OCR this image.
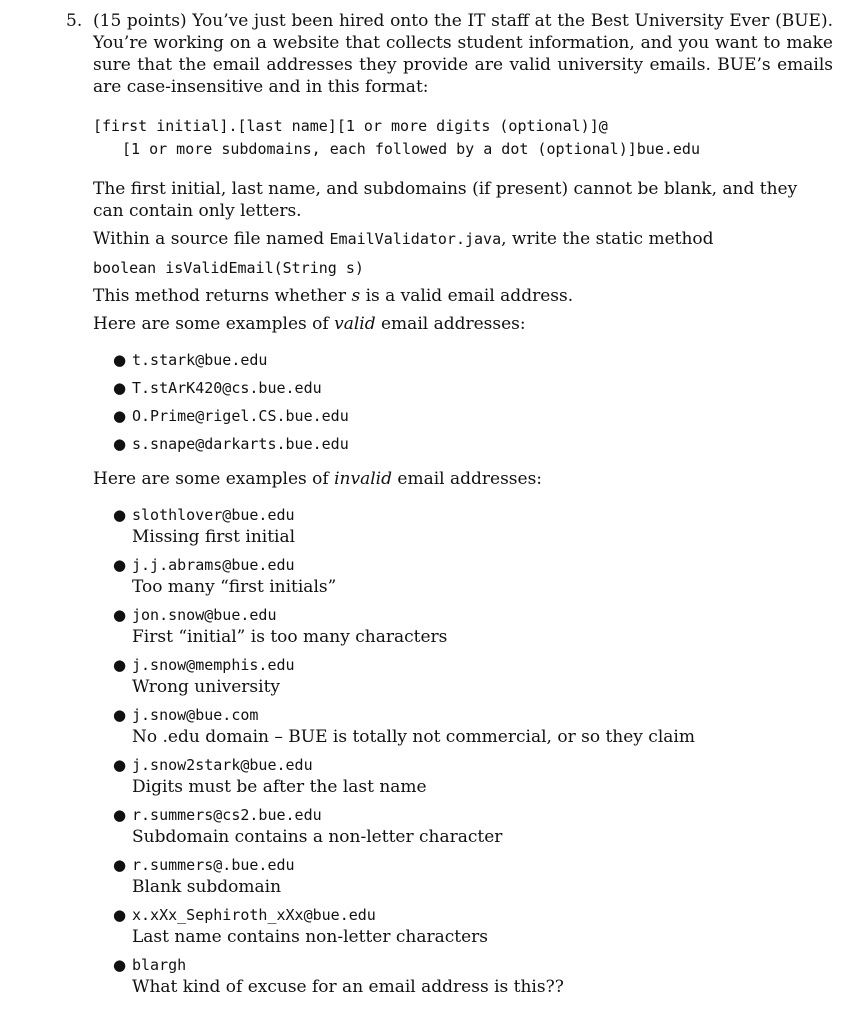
5. (15 points) You’ve just been hired onto the IT staff at the Best University Ever (BUE). You’re working on a website that collects student information, and you want to make sure that the email addresses they provide are valid university emails. BUE’s emails are case-insensitive and in this format:
[first initial].[last name][1 or more digits (optional)]@
[1 or more subdomains, each followed by a dot (optional)]bue.edu
The first initial, last name, and subdomains (if present) cannot be blank, and they can contain only letters.
Within a source file named EmailValidator.java, write the static method
boolean isValidEmail(String s)
This method returns whether s is a valid email address.
Here are some examples of valid email addresses:
● t.stark@bue.edu
● T.stArK420@cs.bue.edu
● O.Prime@rigel.CS.bue.edu
● s.snape@darkarts.bue.edu
Here are some examples of invalid email addresses:
● slothlover@bue.edu
Missing first initial
● j.j.abrams@bue.edu
Too many “first initials”
● jon.snow@bue.edu
First “initial” is too many characters
● j.snow@memphis.edu
Wrong university
● j.snow@bue.com
No .edu domain – BUE is totally not commercial, or so they claim
● j.snow2stark@bue.edu
Digits must be after the last name
● r.summers@cs2.bue.edu
Subdomain contains a non-letter character
● r.summers@.bue.edu
Blank subdomain
● x.xXx_Sephiroth_xXx@bue.edu
Last name contains non-letter characters
● blargh
What kind of excuse for an email address is this??
